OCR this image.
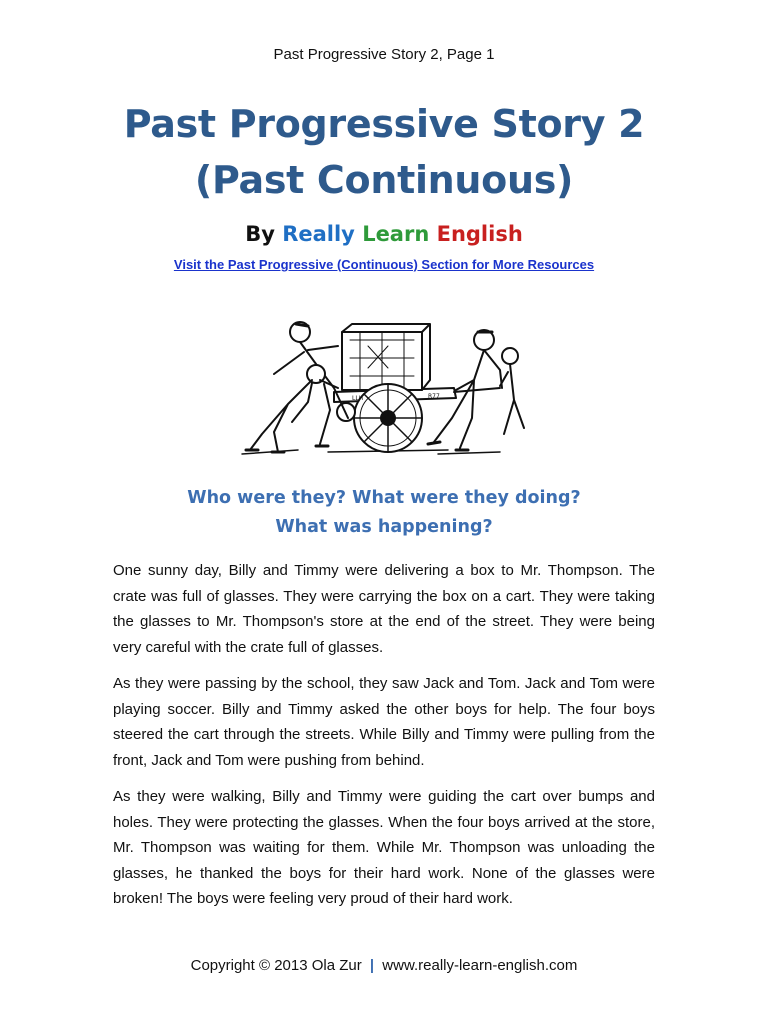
Past Progressive Story 2, Page 1
Past Progressive Story 2
(Past Continuous)
By Really Learn English
Visit the Past Progressive (Continuous) Section for More Resources
LLH	R77
Who were they? What were they doing?
What was happening?

One sunny day, Billy and Timmy were delivering a box to Mr. Thompson. The crate was full of glasses. They were carrying the box on a cart. They were taking the glasses to Mr. Thompson's store at the end of the street. They were being very careful with the crate full of glasses.

As they were passing by the school, they saw Jack and Tom. Jack and Tom were playing soccer. Billy and Timmy asked the other boys for help. The four boys steered the cart through the streets. While Billy and Timmy were pulling from the front, Jack and Tom were pushing from behind.

As they were walking, Billy and Timmy were guiding the cart over bumps and holes. They were protecting the glasses. When the four boys arrived at the store, Mr. Thompson was waiting for them. While Mr. Thompson was unloading the glasses, he thanked the boys for their hard work. None of the glasses were broken! The boys were feeling very proud of their hard work.

Copyright © 2013 Ola Zur | www.really-learn-english.com
